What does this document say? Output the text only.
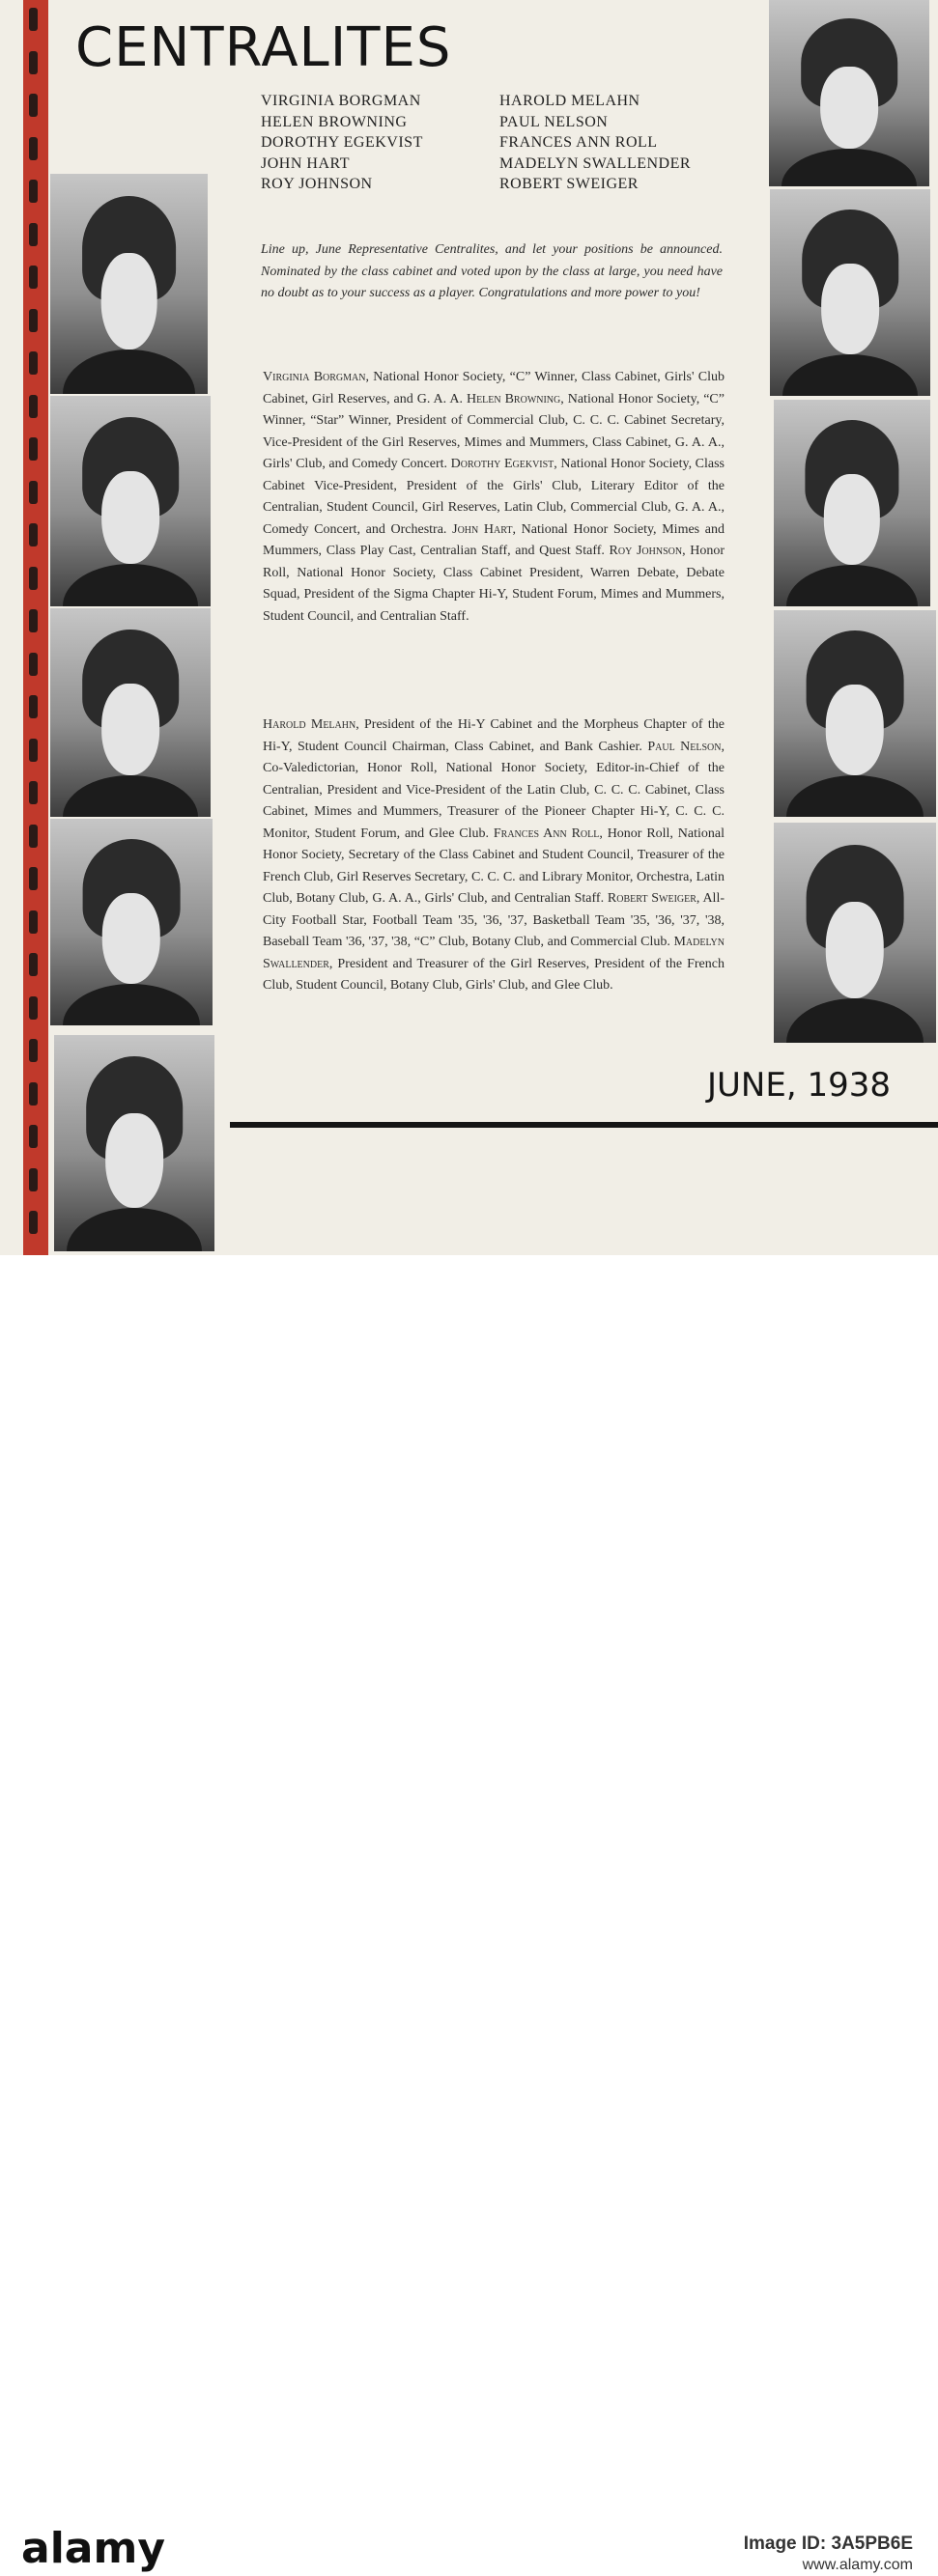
CENTRALITES
VIRGINIA BORGMAN
HELEN BROWNING
DOROTHY EGEKVIST
JOHN HART
ROY JOHNSON
HAROLD MELAHN
PAUL NELSON
FRANCES ANN ROLL
MADELYN SWALLENDER
ROBERT SWEIGER

Line up, June Representative Centralites, and let your positions be announced. Nominated by the class cabinet and voted upon by the class at large, you need have no doubt as to your success as a player. Congratulations and more power to you!

Virginia Borgman, National Honor Society, “C” Winner, Class Cabinet, Girls' Club Cabinet, Girl Reserves, and G. A. A. Helen Browning, National Honor Society, “C” Winner, “Star” Winner, President of Commercial Club, C. C. C. Cabinet Secretary, Vice-President of the Girl Reserves, Mimes and Mummers, Class Cabinet, G. A. A., Girls' Club, and Comedy Concert. Dorothy Egekvist, National Honor Society, Class Cabinet Vice-President, President of the Girls' Club, Literary Editor of the Centralian, Student Council, Girl Reserves, Latin Club, Commercial Club, G. A. A., Comedy Concert, and Orchestra. John Hart, National Honor Society, Mimes and Mummers, Class Play Cast, Centralian Staff, and Quest Staff. Roy Johnson, Honor Roll, National Honor Society, Class Cabinet President, Warren Debate, Debate Squad, President of the Sigma Chapter Hi-Y, Student Forum, Mimes and Mummers, Student Council, and Centralian Staff.

Harold Melahn, President of the Hi-Y Cabinet and the Morpheus Chapter of the Hi-Y, Student Council Chairman, Class Cabinet, and Bank Cashier. Paul Nelson, Co-Valedictorian, Honor Roll, National Honor Society, Editor-in-Chief of the Centralian, President and Vice-President of the Latin Club, C. C. C. Cabinet, Class Cabinet, Mimes and Mummers, Treasurer of the Pioneer Chapter Hi-Y, C. C. C. Monitor, Student Forum, and Glee Club. Frances Ann Roll, Honor Roll, National Honor Society, Secretary of the Class Cabinet and Student Council, Treasurer of the French Club, Girl Reserves Secretary, C. C. C. and Library Monitor, Orchestra, Latin Club, Botany Club, G. A. A., Girls' Club, and Centralian Staff. Robert Sweiger, All-City Football Star, Football Team '35, '36, '37, Basketball Team '35, '36, '37, '38, Baseball Team '36, '37, '38, “C” Club, Botany Club, and Commercial Club. Madelyn Swallender, President and Treasurer of the Girl Reserves, President of the French Club, Student Council, Botany Club, Girls' Club, and Glee Club.

JUNE, 1938
alamy	Image ID: 3A5PB6E
www.alamy.com
